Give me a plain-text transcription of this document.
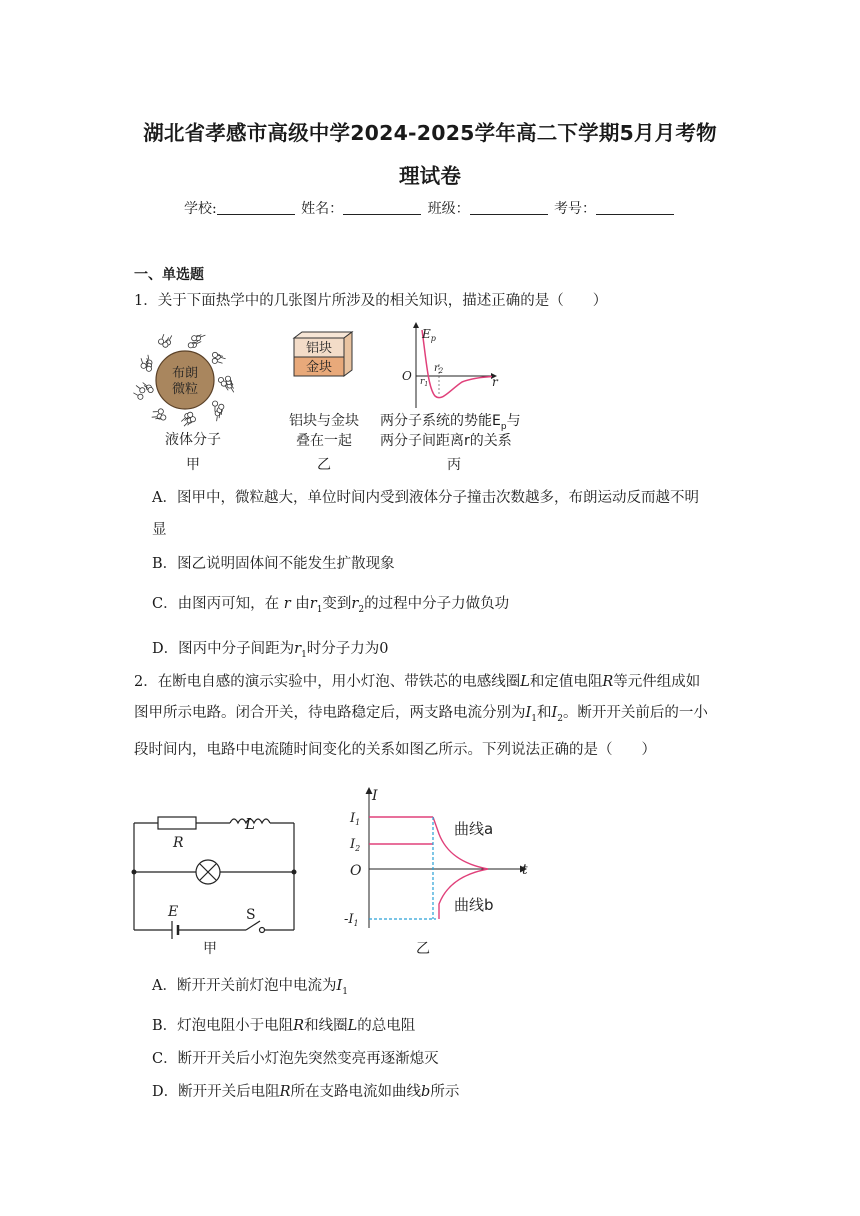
湖北省孝感市高级中学2024-2025学年高二下学期5月月考物
理试卷
学校:	姓名：	班级：	考号：
一、单选题
1．关于下面热学中的几张图片所涉及的相关知识，描述正确的是（　　）
布朗
微粒
液体分子
甲
铝块
金块
铝块与金块
叠在一起
乙
$E_p$
O $r_1$
$r_2$
r
两分子系统的势能$E_p$与
两分子间距离r的关系
丙
A．图甲中，微粒越大，单位时间内受到液体分子撞击次数越多，布朗运动反而越不明
显
B．图乙说明固体间不能发生扩散现象
C．由图丙可知，在 r 由$r_1$变到$r_2$的过程中分子力做负功
D．图丙中分子间距为$r_1$时分子力为0
2．在断电自感的演示实验中，用小灯泡、带铁芯的电感线圈L和定值电阻R等元件组成如
图甲所示电路。闭合开关，待电路稳定后，两支路电流分别为$I_1$和$I_2$。断开开关前后的一小
段时间内，电路中电流随时间变化的关系如图乙所示。下列说法正确的是（　　）
R
E	S
L
甲
I
t
O
$I_1$
$I_2$
$-I_1$
曲线a
曲线b
乙
A．断开开关前灯泡中电流为$I_1$
B．灯泡电阻小于电阻R和线圈L的总电阻
C．断开开关后小灯泡先突然变亮再逐渐熄灭
D．断开开关后电阻R所在支路电流如曲线b所示
